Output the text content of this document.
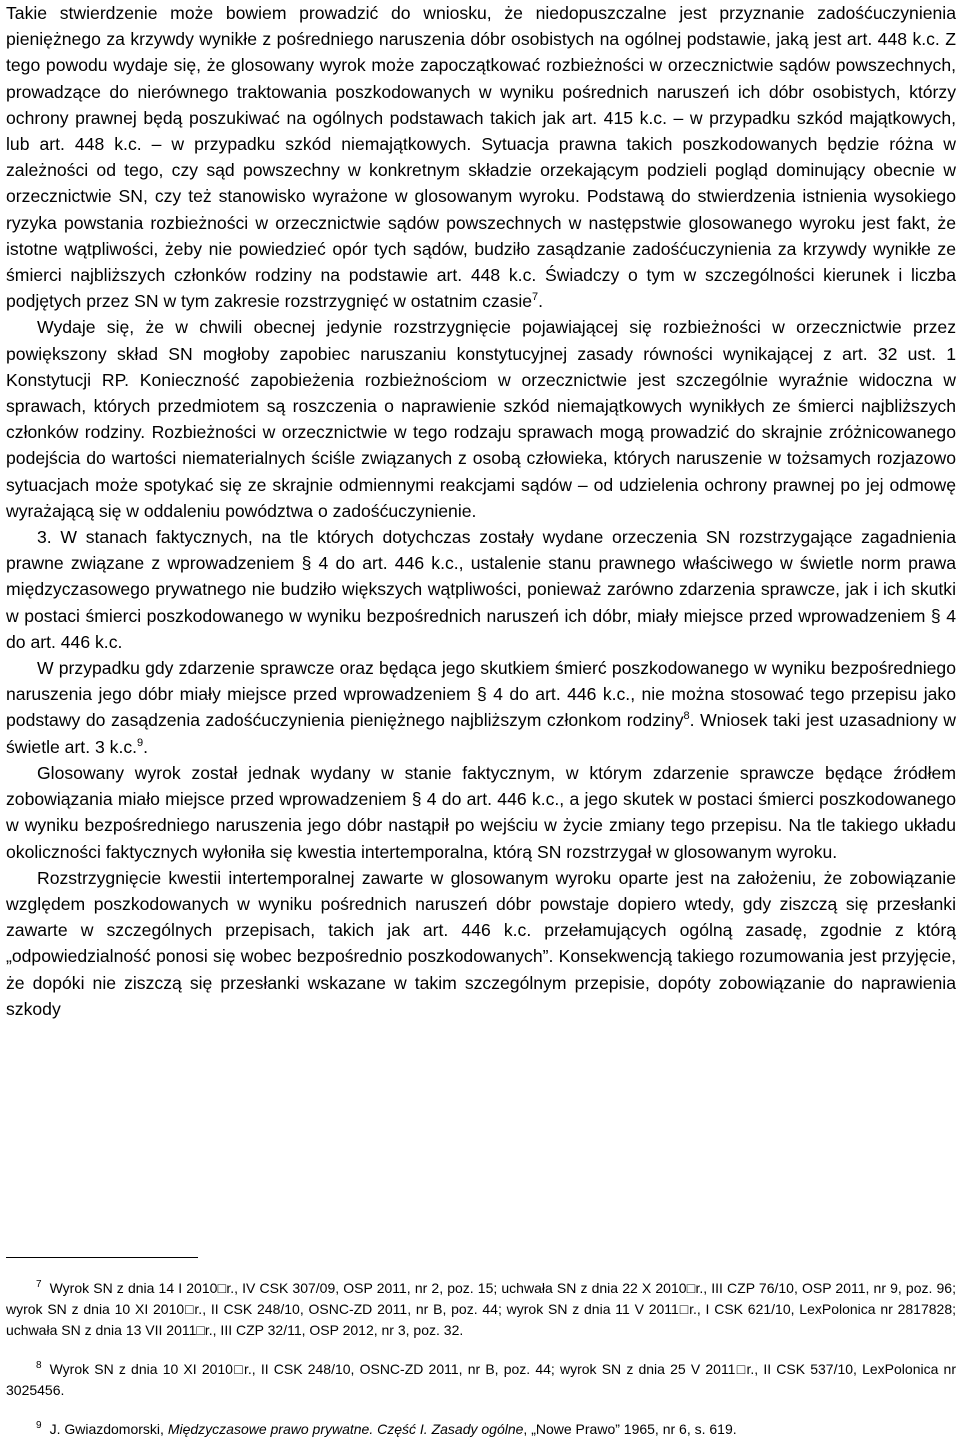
Takie stwierdzenie może bowiem prowadzić do wniosku, że niedopuszczalne jest przyznanie zadośćuczynienia pieniężnego za krzywdy wynikłe z pośredniego naruszenia dóbr osobistych na ogólnej podstawie, jaką jest art. 448 k.c. Z tego powodu wydaje się, że glosowany wyrok może zapoczątkować rozbieżności w orzecznictwie sądów powszechnych, prowadzące do nierównego traktowania poszkodowanych w wyniku pośrednich naruszeń ich dóbr osobistych, którzy ochrony prawnej będą poszukiwać na ogólnych podstawach takich jak art. 415 k.c. – w przypadku szkód majątkowych, lub art. 448 k.c. – w przypadku szkód niemajątkowych. Sytuacja prawna takich poszkodowanych będzie różna w zależności od tego, czy sąd powszechny w konkretnym składzie orzekającym podzieli pogląd dominujący obecnie w orzecznictwie SN, czy też stanowisko wyrażone w glosowanym wyroku. Podstawą do stwierdzenia istnienia wysokiego ryzyka powstania rozbieżności w orzecznictwie sądów powszechnych w następstwie glosowanego wyroku jest fakt, że istotne wątpliwości, żeby nie powiedzieć opór tych sądów, budziło zasądzanie zadośćuczynienia za krzywdy wynikłe ze śmierci najbliższych członków rodziny na podstawie art. 448 k.c. Świadczy o tym w szczególności kierunek i liczba podjętych przez SN w tym zakresie rozstrzygnięć w ostatnim czasie$^7$.

Wydaje się, że w chwili obecnej jedynie rozstrzygnięcie pojawiającej się rozbieżności w orzecznictwie przez powiększony skład SN mogłoby zapobiec naruszaniu konstytucyjnej zasady równości wynikającej z art. 32 ust. 1 Konstytucji RP. Konieczność zapobieżenia rozbieżnościom w orzecznictwie jest szczególnie wyraźnie widoczna w sprawach, których przedmiotem są roszczenia o naprawienie szkód niemajątkowych wynikłych ze śmierci najbliższych członków rodziny. Rozbieżności w orzecznictwie w tego rodzaju sprawach mogą prowadzić do skrajnie zróżnicowanego podejścia do wartości niematerialnych ściśle związanych z osobą człowieka, których naruszenie w tożsamych rozjazowo sytuacjach może spotykać się ze skrajnie odmiennymi reakcjami sądów – od udzielenia ochrony prawnej po jej odmowę wyrażającą się w oddaleniu powództwa o zadośćuczynienie.

3. W stanach faktycznych, na tle których dotychczas zostały wydane orzeczenia SN rozstrzygające zagadnienia prawne związane z wprowadzeniem § 4 do art. 446 k.c., ustalenie stanu prawnego właściwego w świetle norm prawa międzyczasowego prywatnego nie budziło większych wątpliwości, ponieważ zarówno zdarzenia sprawcze, jak i ich skutki w postaci śmierci poszkodowanego w wyniku bezpośrednich naruszeń ich dóbr, miały miejsce przed wprowadzeniem § 4 do art. 446 k.c.

W przypadku gdy zdarzenie sprawcze oraz będąca jego skutkiem śmierć poszkodowanego w wyniku bezpośredniego naruszenia jego dóbr miały miejsce przed wprowadzeniem § 4 do art. 446 k.c., nie można stosować tego przepisu jako podstawy do zasądzenia zadośćuczynienia pieniężnego najbliższym członkom rodziny$^8$. Wniosek taki jest uzasadniony w świetle art. 3 k.c.$^9$.

Glosowany wyrok został jednak wydany w stanie faktycznym, w którym zdarzenie sprawcze będące źródłem zobowiązania miało miejsce przed wprowadzeniem § 4 do art. 446 k.c., a jego skutek w postaci śmierci poszkodowanego w wyniku bezpośredniego naruszenia jego dóbr nastąpił po wejściu w życie zmiany tego przepisu. Na tle takiego układu okoliczności faktycznych wyłoniła się kwestia intertemporalna, którą SN rozstrzygał w glosowanym wyroku.

Rozstrzygnięcie kwestii intertemporalnej zawarte w glosowanym wyroku oparte jest na założeniu, że zobowiązanie względem poszkodowanych w wyniku pośrednich naruszeń dóbr powstaje dopiero wtedy, gdy ziszczą się przesłanki zawarte w szczególnych przepisach, takich jak art. 446 k.c. przełamujących ogólną zasadę, zgodnie z którą „odpowiedzialność ponosi się wobec bezpośrednio poszkodowanych”. Konsekwencją takiego rozumowania jest przyjęcie, że dopóki nie ziszczą się przesłanki wskazane w takim szczególnym przepisie, dopóty zobowiązanie do naprawienia szkody

$^7$ Wyrok SN z dnia 14 I 2010□r., IV CSK 307/09, OSP 2011, nr 2, poz. 15; uchwała SN z dnia 22 X 2010□r., III CZP 76/10, OSP 2011, nr 9, poz. 96; wyrok SN z dnia 10 XI 2010□r., II CSK 248/10, OSNC-ZD 2011, nr B, poz. 44; wyrok SN z dnia 11 V 2011□r., I CSK 621/10, LexPolonica nr 2817828; uchwała SN z dnia 13 VII 2011□r., III CZP 32/11, OSP 2012, nr 3, poz. 32.

$^8$ Wyrok SN z dnia 10 XI 2010□r., II CSK 248/10, OSNC-ZD 2011, nr B, poz. 44; wyrok SN z dnia 25 V 2011□r., II CSK 537/10, LexPolonica nr 3025456.

$^9$ J. Gwiazdomorski, Międzyczasowe prawo prywatne. Część I. Zasady ogólne, „Nowe Prawo” 1965, nr 6, s. 619.
